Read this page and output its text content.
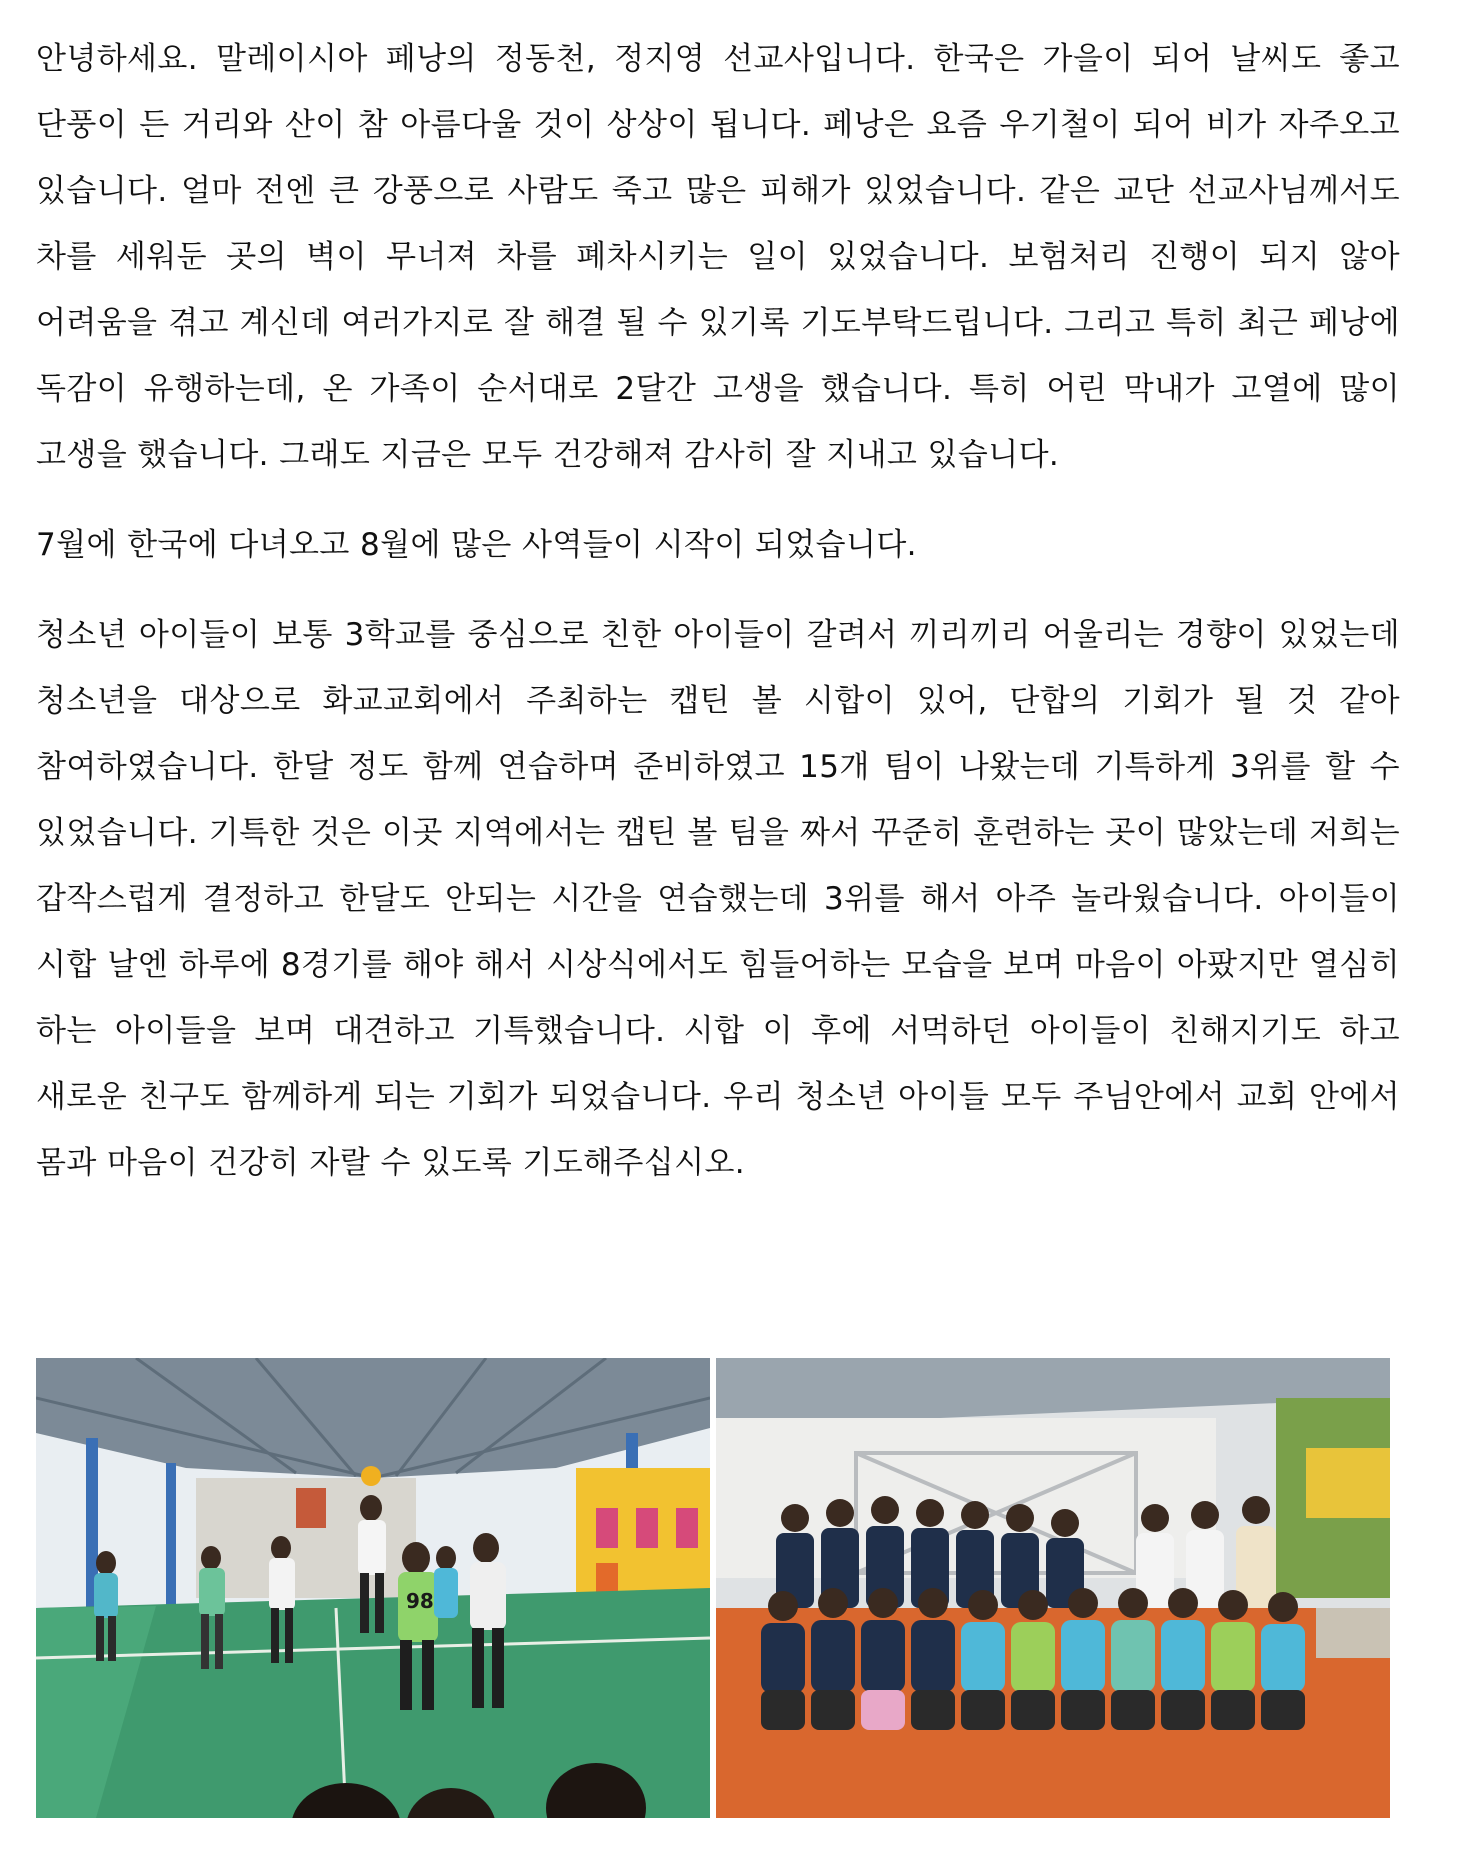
안녕하세요. 말레이시아 페낭의 정동천, 정지영 선교사입니다. 한국은 가을이 되어 날씨도 좋고 단풍이 든 거리와 산이 참 아름다울 것이 상상이 됩니다. 페낭은 요즘 우기철이 되어 비가 자주오고 있습니다. 얼마 전엔 큰 강풍으로 사람도 죽고 많은 피해가 있었습니다. 같은 교단 선교사님께서도 차를 세워둔 곳의 벽이 무너져 차를 폐차시키는 일이 있었습니다. 보험처리 진행이 되지 않아 어려움을 겪고 계신데 여러가지로 잘 해결 될 수 있기록 기도부탁드립니다. 그리고 특히 최근 페낭에 독감이 유행하는데, 온 가족이 순서대로 2달간 고생을 했습니다. 특히 어린 막내가 고열에 많이 고생을 했습니다. 그래도 지금은 모두 건강해져 감사히 잘 지내고 있습니다.

7월에 한국에 다녀오고 8월에 많은 사역들이 시작이 되었습니다.

청소년 아이들이 보통 3학교를 중심으로 친한 아이들이 갈려서 끼리끼리 어울리는 경향이 있었는데 청소년을 대상으로 화교교회에서 주최하는 캡틴 볼 시합이 있어, 단합의 기회가 될 것 같아 참여하였습니다. 한달 정도 함께 연습하며 준비하였고 15개 팀이 나왔는데 기특하게 3위를 할 수 있었습니다. 기특한 것은 이곳 지역에서는 캡틴 볼 팀을 짜서 꾸준히 훈련하는 곳이 많았는데 저희는 갑작스럽게 결정하고 한달도 안되는 시간을 연습했는데 3위를 해서 아주 놀라웠습니다. 아이들이 시합 날엔 하루에 8경기를 해야 해서 시상식에서도 힘들어하는 모습을 보며 마음이 아팠지만 열심히 하는 아이들을 보며 대견하고 기특했습니다. 시합 이 후에 서먹하던 아이들이 친해지기도 하고 새로운 친구도 함께하게 되는 기회가 되었습니다. 우리 청소년 아이들 모두 주님안에서 교회 안에서 몸과 마음이 건강히 자랄 수 있도록 기도해주십시오.

98
